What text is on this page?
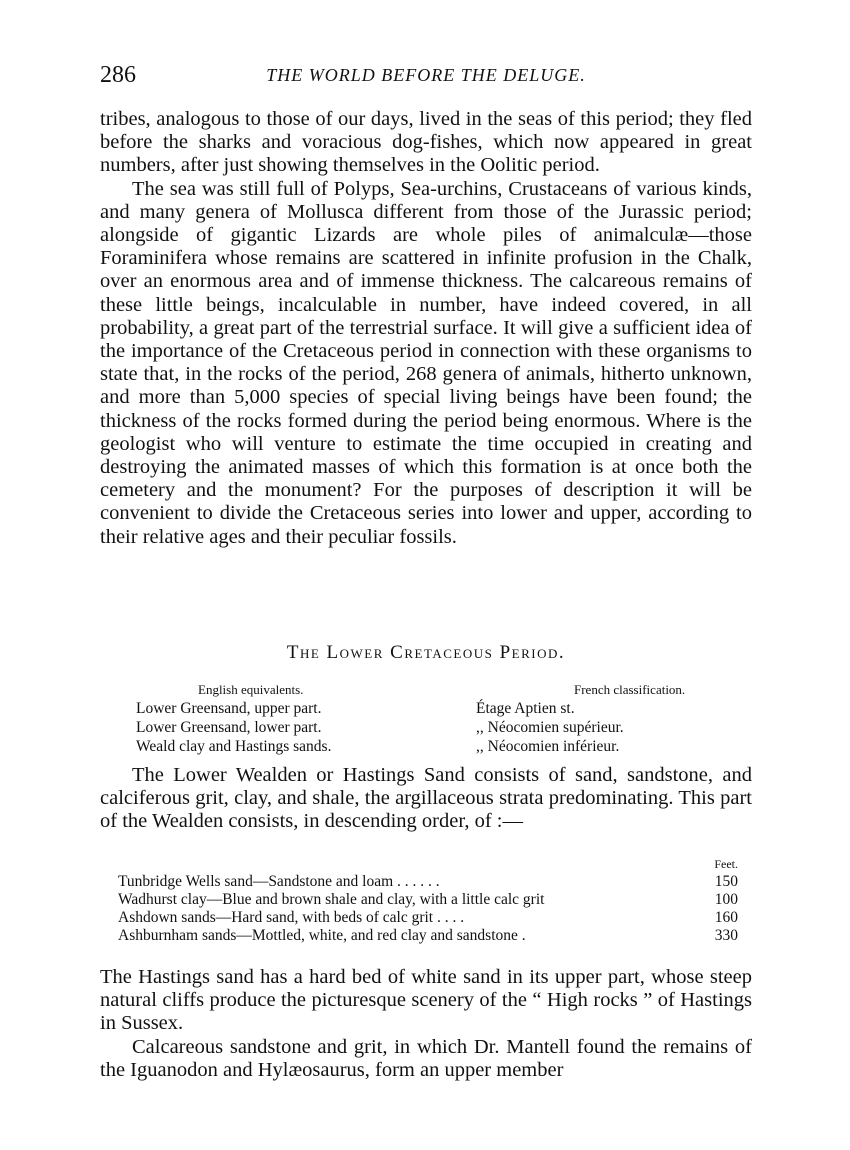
286	THE WORLD BEFORE THE DELUGE.

tribes, analogous to those of our days, lived in the seas of this period; they fled before the sharks and voracious dog-fishes, which now appeared in great numbers, after just showing themselves in the Oolitic period.

The sea was still full of Polyps, Sea-urchins, Crustaceans of various kinds, and many genera of Mollusca different from those of the Jurassic period; alongside of gigantic Lizards are whole piles of animalculæ—those Foraminifera whose remains are scattered in infinite profusion in the Chalk, over an enormous area and of immense thickness. The calcareous remains of these little beings, incalculable in number, have indeed covered, in all probability, a great part of the terrestrial surface. It will give a sufficient idea of the importance of the Cretaceous period in connection with these organisms to state that, in the rocks of the period, 268 genera of animals, hitherto unknown, and more than 5,000 species of special living beings have been found; the thickness of the rocks formed during the period being enormous. Where is the geologist who will venture to estimate the time occupied in creating and destroying the animated masses of which this formation is at once both the cemetery and the monument? For the purposes of description it will be convenient to divide the Cretaceous series into lower and upper, according to their relative ages and their peculiar fossils.

The Lower Cretaceous Period.
English equivalents.	French classification.
Lower Greensand, upper part.	Étage Aptien st.
Lower Greensand, lower part.	,, Néocomien supérieur.
Weald clay and Hastings sands.	,, Néocomien inférieur.

The Lower Wealden or Hastings Sand consists of sand, sandstone, and calciferous grit, clay, and shale, the argillaceous strata predominating. This part of the Wealden consists, in descending order, of :—

Feet.
Tunbridge Wells sand—Sandstone and loam . . . . . .	150
Wadhurst clay—Blue and brown shale and clay, with a little calc grit	100
Ashdown sands—Hard sand, with beds of calc grit . . . .	160
Ashburnham sands—Mottled, white, and red clay and sandstone .	330

The Hastings sand has a hard bed of white sand in its upper part, whose steep natural cliffs produce the picturesque scenery of the “ High rocks ” of Hastings in Sussex.

Calcareous sandstone and grit, in which Dr. Mantell found the remains of the Iguanodon and Hylæosaurus, form an upper member
